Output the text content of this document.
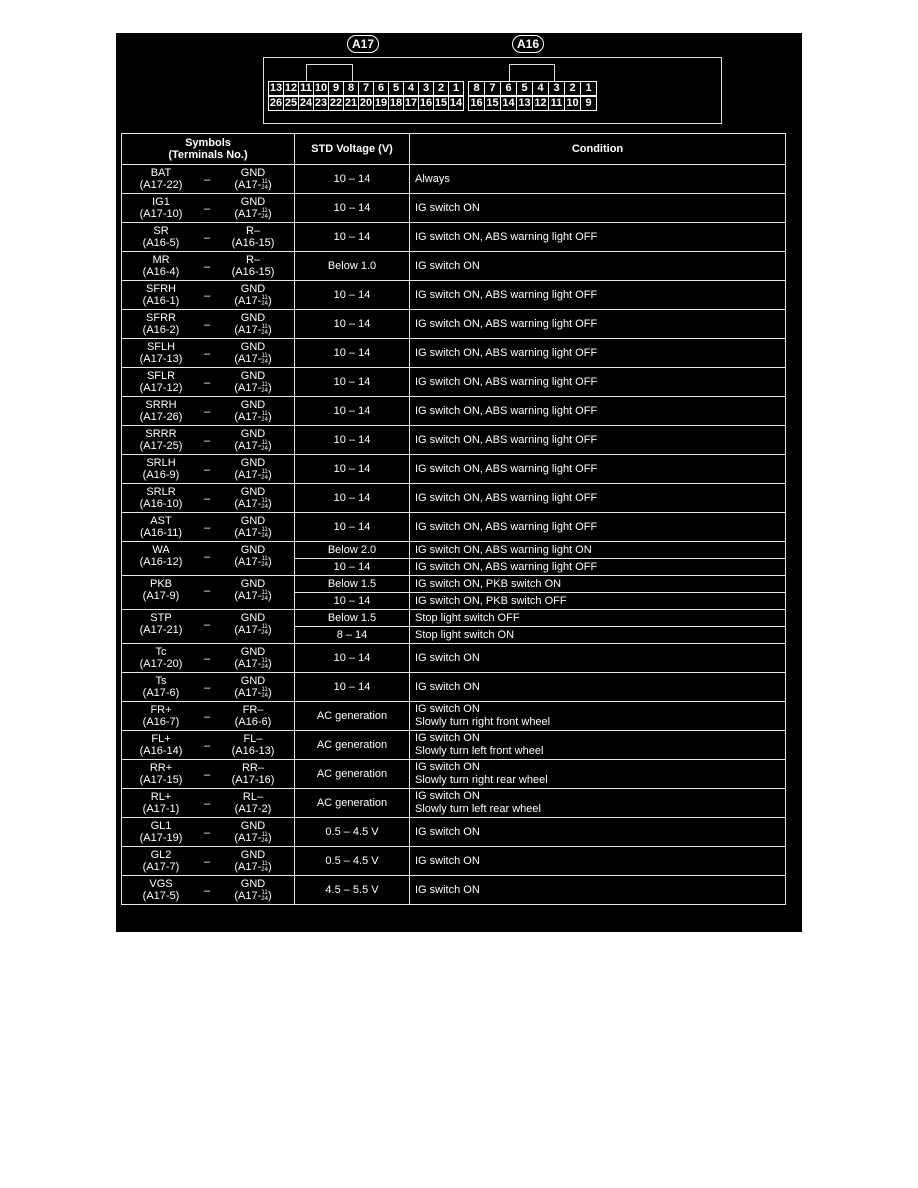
A17	A16
13 12 11 10 9 8 7 6 5 4 3 2 1
26 25 24 23 22 21 20 19 18 17 16 15 14
8 7 6 5 4 3 2 1
16 15 14 13 12 11 10 9
Symbols
(Terminals No.)	STD Voltage (V)	Condition

BAT
(A17-22)	–
GND
(A17-11
24)	10 – 14	Always

IG1
(A17-10)	–
GND
(A17-11
24)	10 – 14	IG switch ON

SR
(A16-5) –
R–
(A16-15)	10 – 14	IG switch ON, ABS warning light OFF

MR
(A16-4) –
R–
(A16-15)	Below 1.0	IG switch ON

SFRH
(A16-1)	–
GND
(A17-11
24)	10 – 14	IG switch ON, ABS warning light OFF

SFRR
(A16-2)	–
GND
(A17-11
24)	10 – 14	IG switch ON, ABS warning light OFF

SFLH
(A17-13)	–
GND
(A17-11
24)	10 – 14	IG switch ON, ABS warning light OFF

SFLR
(A17-12)	–
GND
(A17-11
24)	10 – 14	IG switch ON, ABS warning light OFF

SRRH
(A17-26)	–
GND
(A17-11
24)	10 – 14	IG switch ON, ABS warning light OFF

SRRR
(A17-25)	–
GND
(A17-11
24)	10 – 14	IG switch ON, ABS warning light OFF

SRLH
(A16-9)	–
GND
(A17-11
24)	10 – 14	IG switch ON, ABS warning light OFF

SRLR
(A16-10)	–
GND
(A17-11
24)	10 – 14	IG switch ON, ABS warning light OFF

AST
(A16-11)	–
GND
(A17-11
24)	10 – 14	IG switch ON, ABS warning light OFF

WA
(A16-12)	–
GND
(A17-11
24)
	Below 2.0	IG switch ON, ABS warning light ON
	10 – 14	IG switch ON, ABS warning light OFF

PKB
(A17-9)	–
GND
(A17-11
24)
	Below 1.5	IG switch ON, PKB switch ON
	10 – 14	IG switch ON, PKB switch OFF

STP
(A17-21)	–
GND
(A17-11
24)
	Below 1.5	Stop light switch OFF
	8 – 14	Stop light switch ON

Tc
(A17-20)	–
GND
(A17-11
24)	10 – 14	IG switch ON

Ts
(A17-6)	–
GND
(A17-11
24)	10 – 14	IG switch ON

FR+
(A16-7)	–
FR–
(A16-6)	AC generation	IG switch ON
Slowly turn right front wheel

FL+
(A16-14)	–
FL–
(A16-13)	AC generation	IG switch ON
Slowly turn left front wheel

RR+
(A17-15)	–
RR–
(A17-16)	AC generation	IG switch ON
Slowly turn right rear wheel

RL+
(A17-1)	–
RL–
(A17-2)	AC generation	IG switch ON
Slowly turn left rear wheel

GL1
(A17-19)	–
GND
(A17-11
24)	0.5 – 4.5 V	IG switch ON

GL2
(A17-7)	–
GND
(A17-11
24)	0.5 – 4.5 V	IG switch ON

VGS
(A17-5)	–
GND
(A17-11
24)	4.5 – 5.5 V	IG switch ON
